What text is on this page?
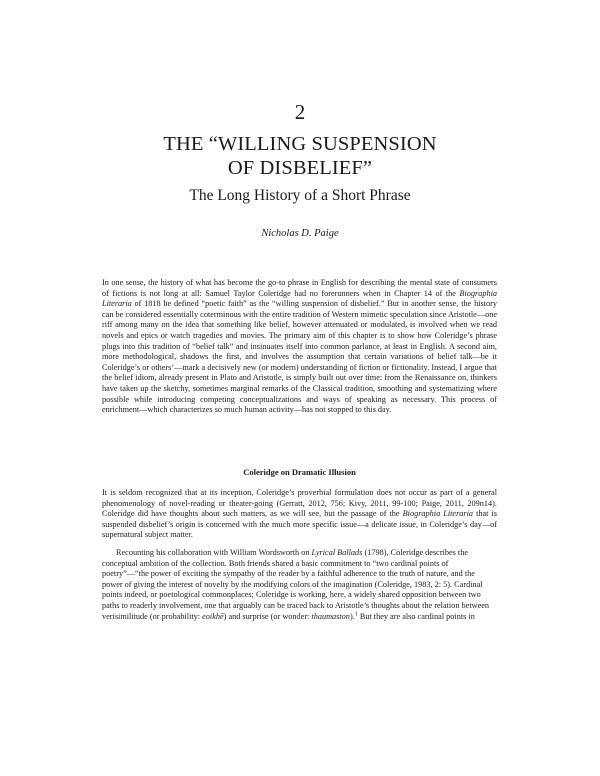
2
THE “WILLING SUSPENSION
OF DISBELIEF”
The Long History of a Short Phrase
Nicholas D. Paige

In one sense, the history of what has become the go-to phrase in English for describing the mental state of consumers of fictions is not long at all: Samuel Taylor Coleridge had no forerunners when in Chapter 14 of the Biographia Literaria of 1818 he defined “poetic faith” as the “willing suspension of disbelief.” But in another sense, the history can be considered essentially coterminous with the entire tradition of Western mimetic speculation since Aristotle—one riff among many on the idea that something like belief, however attenuated or modulated, is involved when we read novels and epics or watch tragedies and movies. The primary aim of this chapter is to show how Coleridge’s phrase plugs into this tradition of “belief talk” and insinuates itself into common parlance, at least in English. A second aim, more methodological, shadows the first, and involves the assumption that certain variations of belief talk—be it Coleridge’s or others’—mark a decisively new (or modern) understanding of fiction or fictionality. Instead, I argue that the belief idiom, already present in Plato and Aristotle, is simply built out over time: from the Renaissance on, thinkers have taken up the sketchy, sometimes marginal remarks of the Classical tradition, smoothing and systematizing where possible while introducing competing conceptualizations and ways of speaking as necessary. This process of enrichment—which characterizes so much human activity—has not stopped to this day.

Coleridge on Dramatic Illusion

It is seldom recognized that at its inception, Coleridge’s proverbial formulation does not occur as part of a general phenomenology of novel-reading or theater-going (Gerratt, 2012, 756; Kivy, 2011, 99-100; Paige, 2011, 209n14). Coleridge did have thoughts about such matters, as we will see, but the passage of the Biographia Literaria that is suspended disbelief’s origin is concerned with the much more specific issue—a delicate issue, in Coleridge’s day—of supernatural subject matter.

Recounting his collaboration with William Wordsworth on Lyrical Ballads (1798), Coleridge describes the conceptual ambition of the collection. Both friends shared a basic commitment to “two cardinal points of poetry”—“the power of exciting the sympathy of the reader by a faithful adherence to the truth of nature, and the power of giving the interest of novelty by the modifying colors of the imagination (Coleridge, 1983, 2: 5). Cardinal points indeed, or poetological commonplaces; Coleridge is working, here, a widely shared opposition between two paths to readerly involvement, one that arguably can be traced back to Aristotle’s thoughts about the relation between verisimilitude (or probability: eoikhē) and surprise (or wonder: thaumaston).$^1$ But they are also cardinal points in
